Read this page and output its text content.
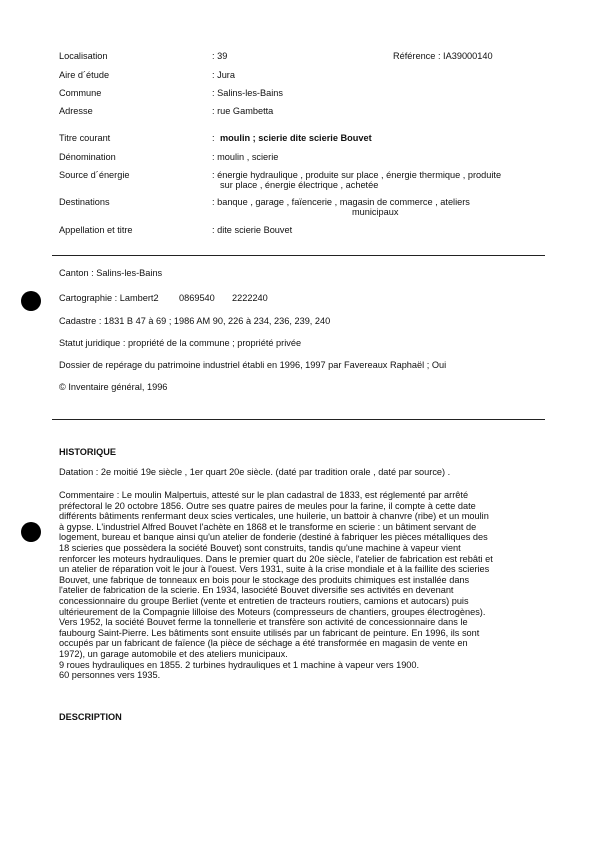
Localisation	: 39	Référence : IA39000140
Aire d´étude	: Jura
Commune	: Salins-les-Bains
Adresse	: rue Gambetta
Titre courant	: moulin ; scierie dite scierie Bouvet
Dénomination	: moulin , scierie
Source d´énergie	: énergie hydraulique , produite sur place , énergie thermique , produite
sur place , énergie électrique , achetée
Destinations	: banque , garage , faïencerie , magasin de commerce , ateliers
municipaux
Appellation et titre	: dite scierie Bouvet
Canton : Salins-les-Bains
Cartographie : Lambert2 0869540 2222240
Cadastre : 1831 B 47 à 69 ; 1986 AM 90, 226 à 234, 236, 239, 240
Statut juridique : propriété de la commune ; propriété privée
Dossier de repérage du patrimoine industriel établi en 1996, 1997 par Favereaux Raphaël ; Oui
© Inventaire général, 1996
HISTORIQUE
Datation : 2e moitié 19e siècle , 1er quart 20e siècle. (daté par tradition orale , daté par source) .
Commentaire : Le moulin Malpertuis, attesté sur le plan cadastral de 1833, est réglementé par arrêté
préfectoral le 20 octobre 1856. Outre ses quatre paires de meules pour la farine, il compte à cette date
différents bâtiments renfermant deux scies verticales, une huilerie, un battoir à chanvre (ribe) et un moulin
à gypse. L'industriel Alfred Bouvet l'achète en 1868 et le transforme en scierie : un bâtiment servant de
logement, bureau et banque ainsi qu'un atelier de fonderie (destiné à fabriquer les pièces métalliques des
18 scieries que possèdera la société Bouvet) sont construits, tandis qu'une machine à vapeur vient
renforcer les moteurs hydrauliques. Dans le premier quart du 20e siècle, l'atelier de fabrication est rebâti et
un atelier de réparation voit le jour à l'ouest. Vers 1931, suite à la crise mondiale et à la faillite des scieries
Bouvet, une fabrique de tonneaux en bois pour le stockage des produits chimiques est installée dans
l'atelier de fabrication de la scierie. En 1934, lasociété Bouvet diversifie ses activités en devenant
concessionnaire du groupe Berliet (vente et entretien de tracteurs routiers, camions et autocars) puis
ultérieurement de la Compagnie lilloise des Moteurs (compresseurs de chantiers, groupes électrogènes).
Vers 1952, la société Bouvet ferme la tonnellerie et transfère son activité de concessionnaire dans le
faubourg Saint-Pierre. Les bâtiments sont ensuite utilisés par un fabricant de peinture. En 1996, ils sont
occupés par un fabricant de faïence (la pièce de séchage a été transformée en magasin de vente en
1972), un garage automobile et des ateliers municipaux.
9 roues hydrauliques en 1855. 2 turbines hydrauliques et 1 machine à vapeur vers 1900.
60 personnes vers 1935.
DESCRIPTION
